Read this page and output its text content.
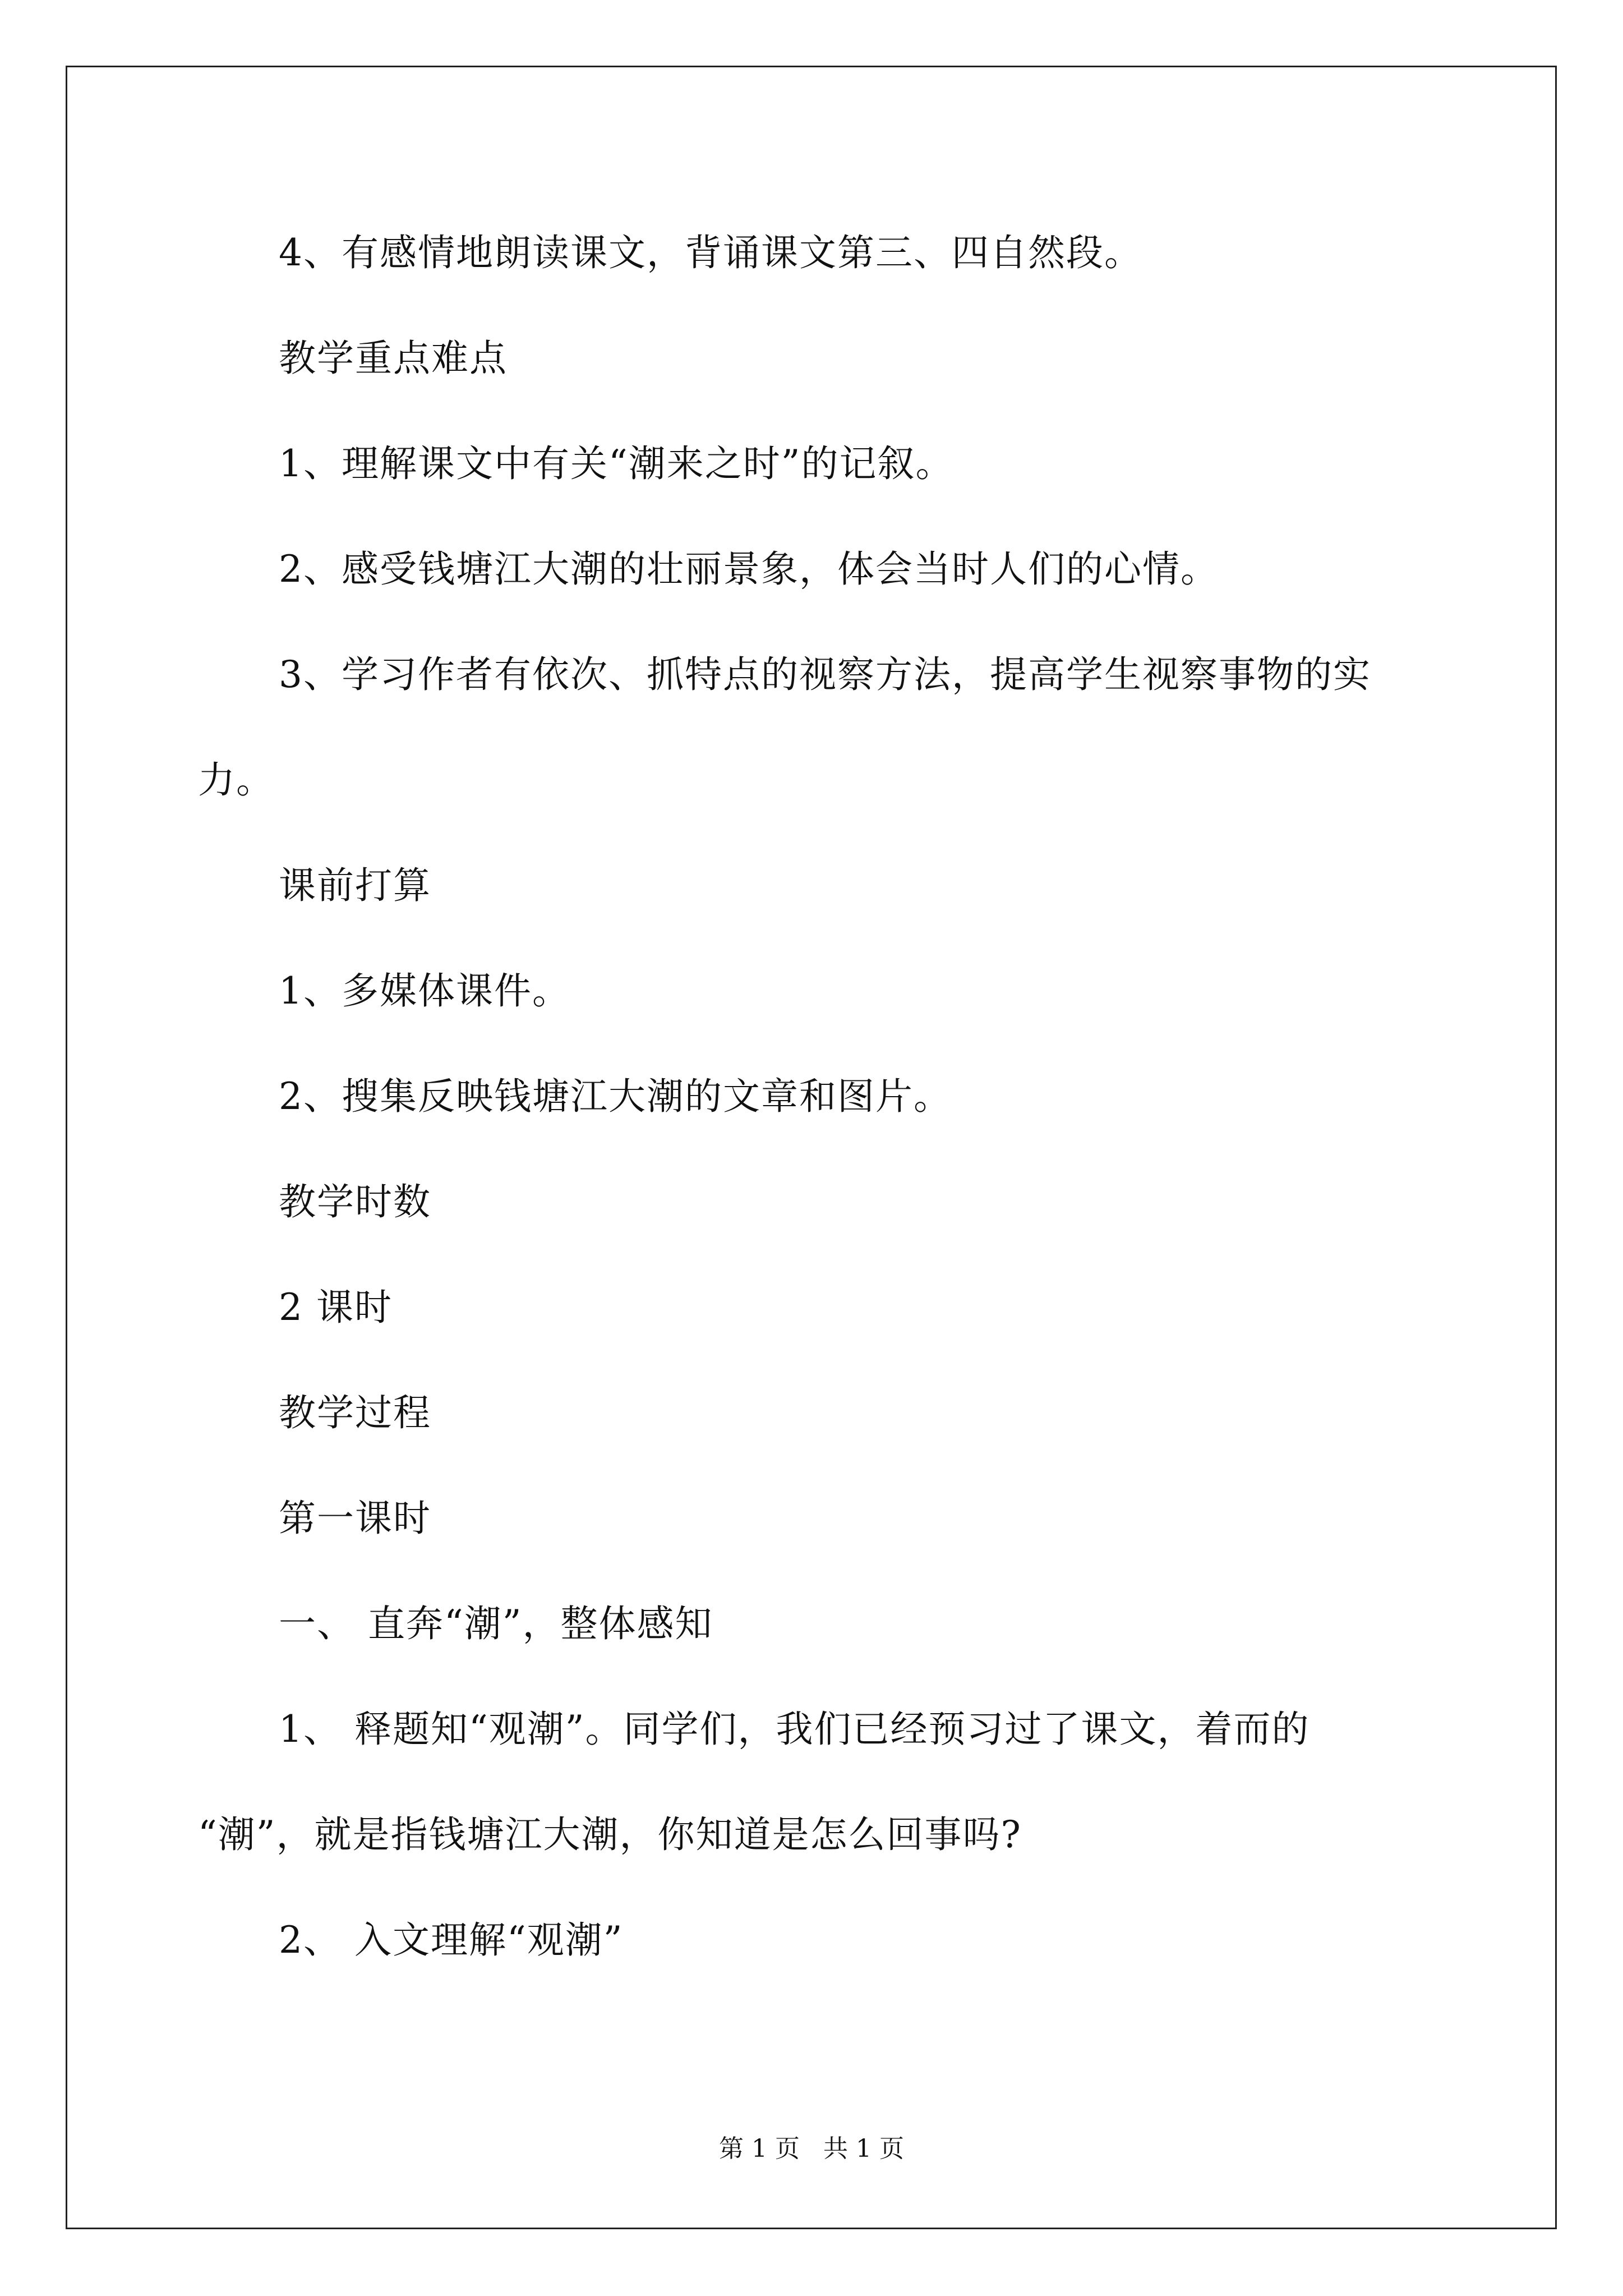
4、有感情地朗读课文，背诵课文第三、四自然段。
教学重点难点
1、理解课文中有关“潮来之时”的记叙。
2、感受钱塘江大潮的壮丽景象，体会当时人们的心情。
3、学习作者有依次、抓特点的视察方法，提高学生视察事物的实
力。
课前打算
1、多媒体课件。
2、搜集反映钱塘江大潮的文章和图片。
教学时数
2 课时
教学过程
第一课时
一、 直奔“潮”，整体感知
1、 释题知“观潮”。同学们，我们已经预习过了课文，着而的
“潮”，就是指钱塘江大潮，你知道是怎么回事吗?
2、 入文理解“观潮”
第 1 页   共 1 页
